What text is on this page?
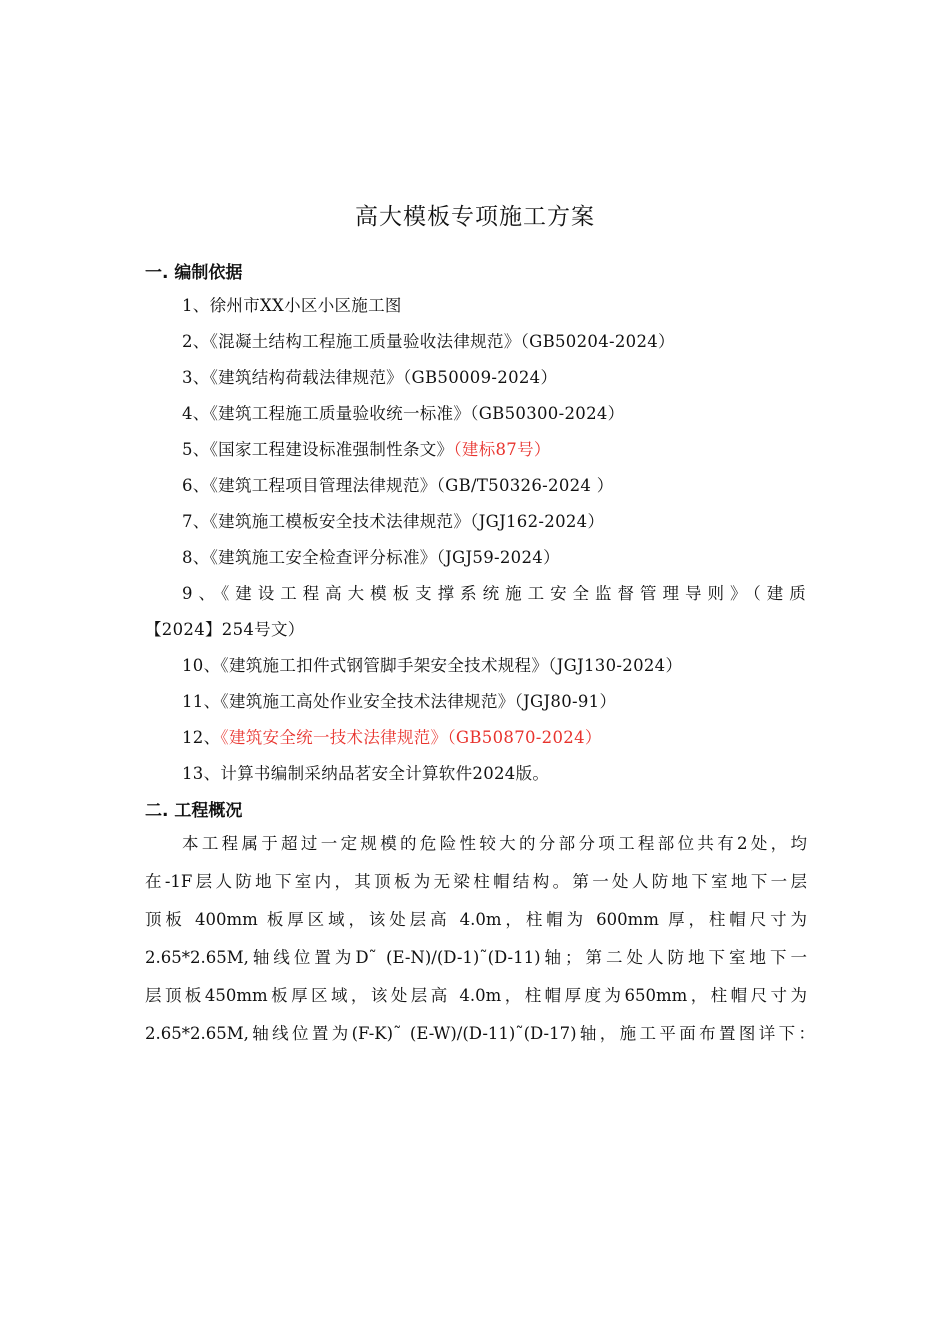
高大模板专项施工方案
一. 编制依据
1、徐州市XX小区小区施工图
2、《混凝土结构工程施工质量验收法律规范》（GB50204-2024）
3、《建筑结构荷载法律规范》（GB50009-2024）
4、《建筑工程施工质量验收统一标准》（GB50300-2024）
5、《国家工程建设标准强制性条文》（建标87号）
6、《建筑工程项目管理法律规范》（GB/T50326-2024 ）
7、《建筑施工模板安全技术法律规范》（JGJ162-2024）
8、《建筑施工安全检查评分标准》（JGJ59-2024）
9、《建设工程高大模板支撑系统施工安全监督管理导则》（建质
【2024】254号文）
10、《建筑施工扣件式钢管脚手架安全技术规程》（JGJ130-2024）
11、《建筑施工高处作业安全技术法律规范》（JGJ80-91）
12、《建筑安全统一技术法律规范》（GB50870-2024）
13、计算书编制采纳品茗安全计算软件2024版。
二. 工程概况
本工程属于超过一定规模的危险性较大的分部分项工程部位共有2处，均
在-1F层人防地下室内，其顶板为无梁柱帽结构。第一处人防地下室地下一层
顶板 400mm 板厚区域，该处层高 4.0m，柱帽为 600mm 厚，柱帽尺寸为
2.65*2.65M,轴线位置为D˜ (E-N)/(D-1)˜(D-11)轴；第二处人防地下室地下一
层顶板450mm板厚区域，该处层高 4.0m，柱帽厚度为650mm，柱帽尺寸为
2.65*2.65M,轴线位置为(F-K)˜ (E-W)/(D-11)˜(D-17)轴，施工平面布置图详下：
